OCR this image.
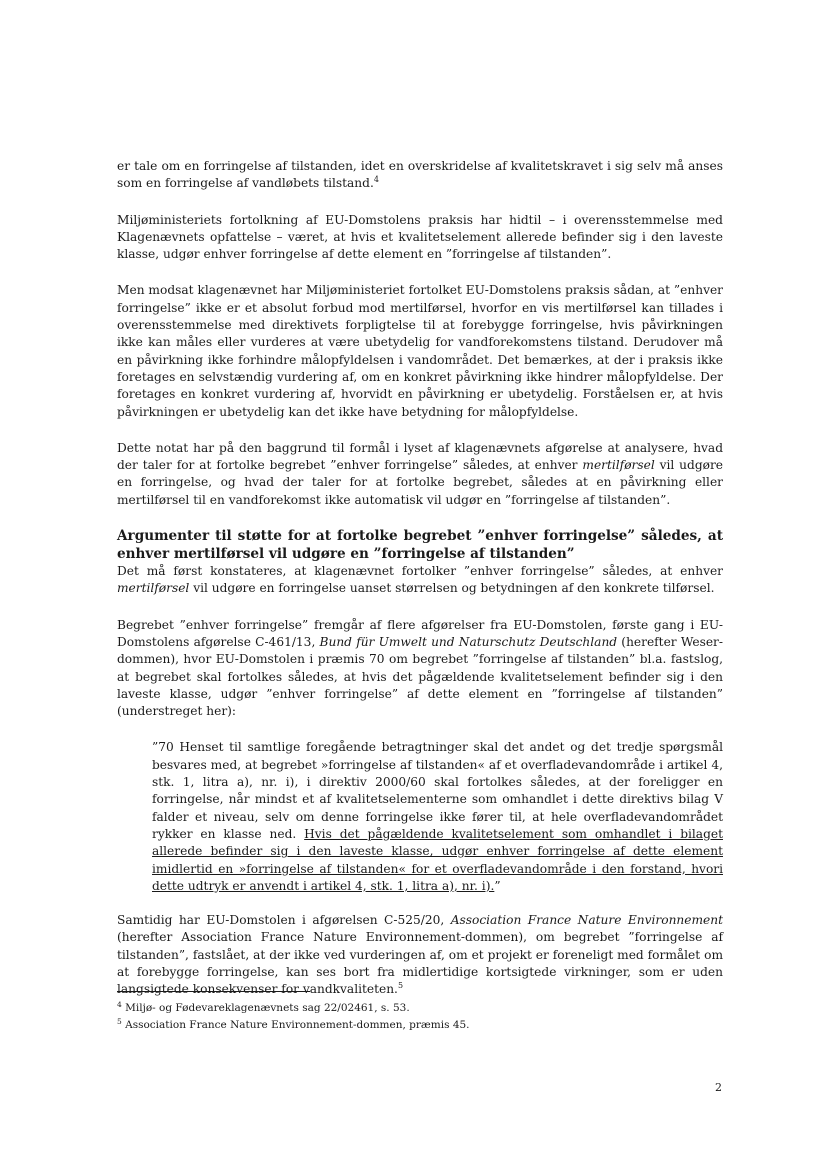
er tale om en forringelse af tilstanden, idet en overskridelse af kvalitetskravet i sig selv må anses som en forringelse af vandløbets tilstand.$^4$

Miljøministeriets fortolkning af EU-Domstolens praksis har hidtil – i overensstemmelse med Klagenævnets opfattelse – været, at hvis et kvalitetselement allerede befinder sig i den laveste klasse, udgør enhver forringelse af dette element en ”forringelse af tilstanden”.

Men modsat klagenævnet har Miljøministeriet fortolket EU-Domstolens praksis sådan, at ”enhver forringelse” ikke er et absolut forbud mod mertilførsel, hvorfor en vis mertilførsel kan tillades i overensstemmelse med direktivets forpligtelse til at forebygge forringelse, hvis påvirkningen ikke kan måles eller vurderes at være ubetydelig for vandforekomstens tilstand. Derudover må en påvirkning ikke forhindre målopfyldelsen i vandområdet. Det bemærkes, at der i praksis ikke foretages en selvstændig vurdering af, om en konkret påvirkning ikke hindrer målopfyldelse. Der foretages en konkret vurdering af, hvorvidt en påvirkning er ubetydelig. Forståelsen er, at hvis påvirkningen er ubetydelig kan det ikke have betydning for målopfyldelse.

Dette notat har på den baggrund til formål i lyset af klagenævnets afgørelse at analysere, hvad der taler for at fortolke begrebet ”enhver forringelse” således, at enhver mertilførsel vil udgøre en forringelse, og hvad der taler for at fortolke begrebet, således at en påvirkning eller mertilførsel til en vandforekomst ikke automatisk vil udgør en ”forringelse af tilstanden”.

Argumenter til støtte for at fortolke begrebet ”enhver forringelse” således, at enhver mertilførsel vil udgøre en ”forringelse af tilstanden”

Det må først konstateres, at klagenævnet fortolker ”enhver forringelse” således, at enhver mertilførsel vil udgøre en forringelse uanset størrelsen og betydningen af den konkrete tilførsel.

Begrebet ”enhver forringelse” fremgår af flere afgørelser fra EU-Domstolen, første gang i EU-Domstolens afgørelse C-461/13, Bund für Umwelt und Naturschutz Deutschland (herefter Weser-dommen), hvor EU-Domstolen i præmis 70 om begrebet ”forringelse af tilstanden” bl.a. fastslog, at begrebet skal fortolkes således, at hvis det pågældende kvalitetselement befinder sig i den laveste klasse, udgør ”enhver forringelse” af dette element en ”forringelse af tilstanden” (understreget her):

”70 Henset til samtlige foregående betragtninger skal det andet og det tredje spørgsmål besvares med, at begrebet »forringelse af tilstanden« af et overfladevandområde i artikel 4, stk. 1, litra a), nr. i), i direktiv 2000/60 skal fortolkes således, at der foreligger en forringelse, når mindst et af kvalitetselementerne som omhandlet i dette direktivs bilag V falder et niveau, selv om denne forringelse ikke fører til, at hele overfladevandområdet rykker en klasse ned. Hvis det pågældende kvalitetselement som omhandlet i bilaget allerede befinder sig i den laveste klasse, udgør enhver forringelse af dette element imidlertid en »forringelse af tilstanden« for et overfladevandområde i den forstand, hvori dette udtryk er anvendt i artikel 4, stk. 1, litra a), nr. i).”

Samtidig har EU-Domstolen i afgørelsen C-525/20, Association France Nature Environnement (herefter Association France Nature Environnement-dommen), om begrebet ”forringelse af tilstanden”, fastslået, at der ikke ved vurderingen af, om et projekt er foreneligt med formålet om at forebygge forringelse, kan ses bort fra midlertidige kortsigtede virkninger, som er uden langsigtede konsekvenser for vandkvaliteten.$^5$

$^4$ Miljø- og Fødevareklagenævnets sag 22/02461, s. 53.
$^5$ Association France Nature Environnement-dommen, præmis 45.
2
